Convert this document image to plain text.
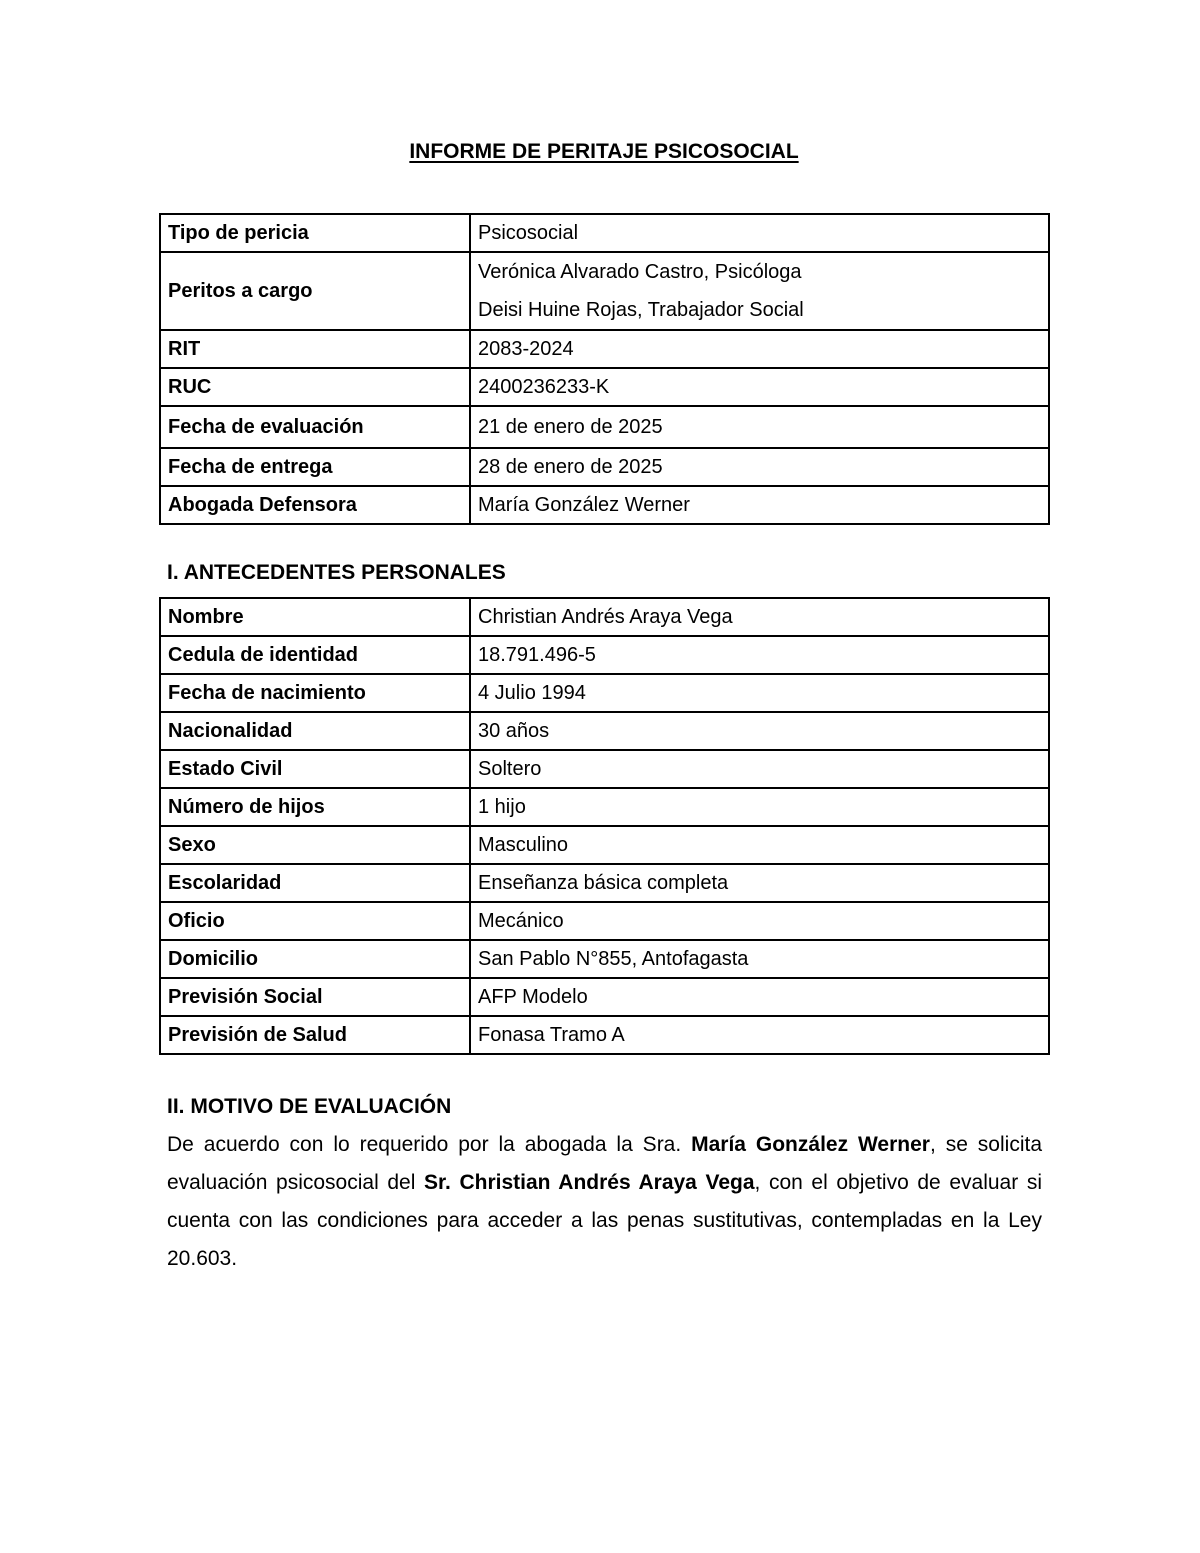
INFORME DE PERITAJE PSICOSOCIAL
Tipo de pericia	Psicosocial
Peritos a cargo	Verónica Alvarado Castro, Psicóloga
Deisi Huine Rojas, Trabajador Social

RIT	2083-2024
RUC	2400236233-K
Fecha de evaluación	21 de enero de 2025
Fecha de entrega	28 de enero de 2025
Abogada Defensora	María González Werner
I. ANTECEDENTES PERSONALES
Nombre	Christian Andrés Araya Vega
Cedula de identidad	18.791.496-5
Fecha de nacimiento	4 Julio 1994
Nacionalidad	30 años
Estado Civil	Soltero
Número de hijos	1 hijo
Sexo	Masculino
Escolaridad	Enseñanza básica completa
Oficio	Mecánico
Domicilio	San Pablo N°855, Antofagasta
Previsión Social	AFP Modelo
Previsión de Salud	Fonasa Tramo A
II. MOTIVO DE EVALUACIÓN
De acuerdo con lo requerido por la abogada la Sra. María González Werner, se solicita evaluación psicosocial del Sr. Christian Andrés Araya Vega, con el objetivo de evaluar si cuenta con las condiciones para acceder a las penas sustitutivas, contempladas en la Ley 20.603.
